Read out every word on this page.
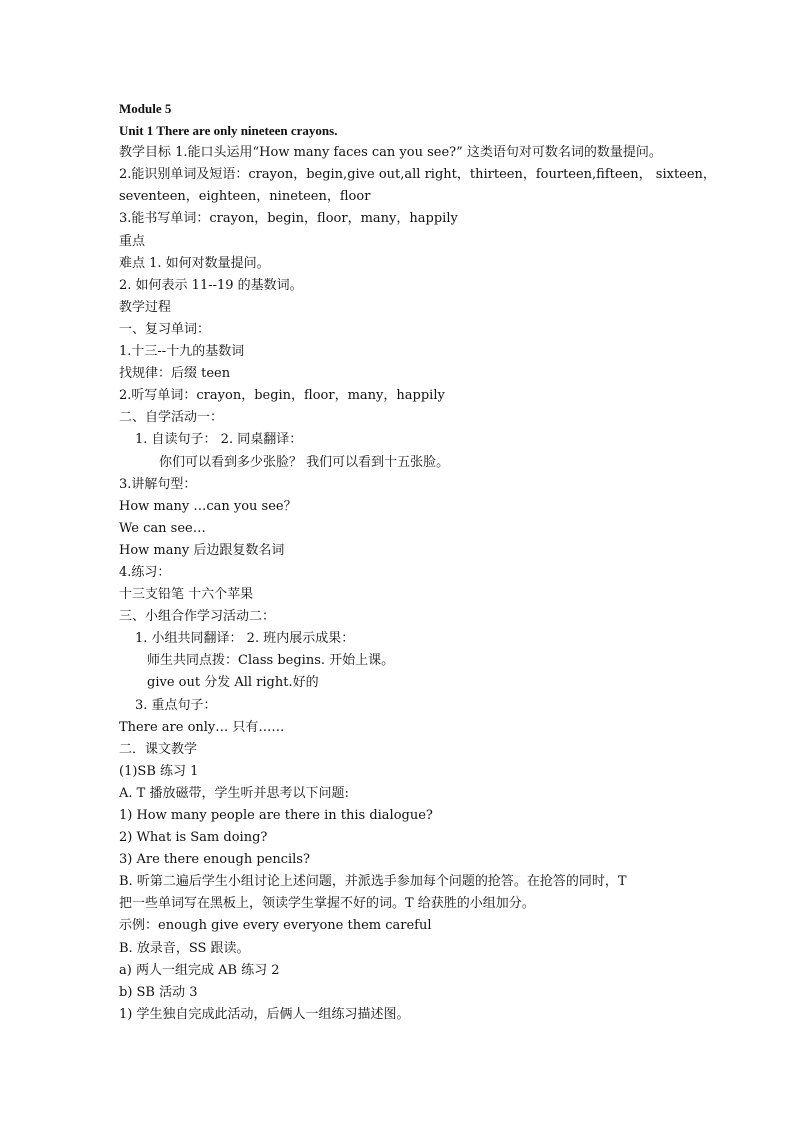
Module 5
Unit 1 There are only nineteen crayons.
教学目标 1.能口头运用“How many faces can you see?” 这类语句对可数名词的数量提问。
2.能识别单词及短语：crayon，begin,give out,all right，thirteen，fourteen,fifteen， sixteen，
seventeen，eighteen，nineteen，floor
3.能书写单词：crayon，begin，floor，many，happily
重点
难点 1. 如何对数量提问。
2. 如何表示 11--19 的基数词。
教学过程
一、复习单词：
1.十三--十九的基数词
找规律：后缀 teen
2.听写单词：crayon，begin，floor，many，happily
二、自学活动一：
1. 自读句子： 2. 同桌翻译：
你们可以看到多少张脸？ 我们可以看到十五张脸。
3.讲解句型：
How many …can you see？
We can see…
How many 后边跟复数名词
4.练习：
十三支铅笔 十六个苹果
三、小组合作学习活动二：
1. 小组共同翻译： 2. 班内展示成果：
师生共同点拨：Class begins. 开始上课。
give out 分发 All right.好的
3. 重点句子：
There are only… 只有……
二．课文教学
(1)SB 练习 1
A. T 播放磁带，学生听并思考以下问题:
1) How many people are there in this dialogue?
2) What is Sam doing?
3) Are there enough pencils?
B. 听第二遍后学生小组讨论上述问题，并派选手参加每个问题的抢答。在抢答的同时，T
把一些单词写在黑板上，领读学生掌握不好的词。T 给获胜的小组加分。
示例：enough give every everyone them careful
B. 放录音，SS 跟读。
a) 两人一组完成 AB 练习 2
b) SB 活动 3
1) 学生独自完成此活动，后俩人一组练习描述图。
